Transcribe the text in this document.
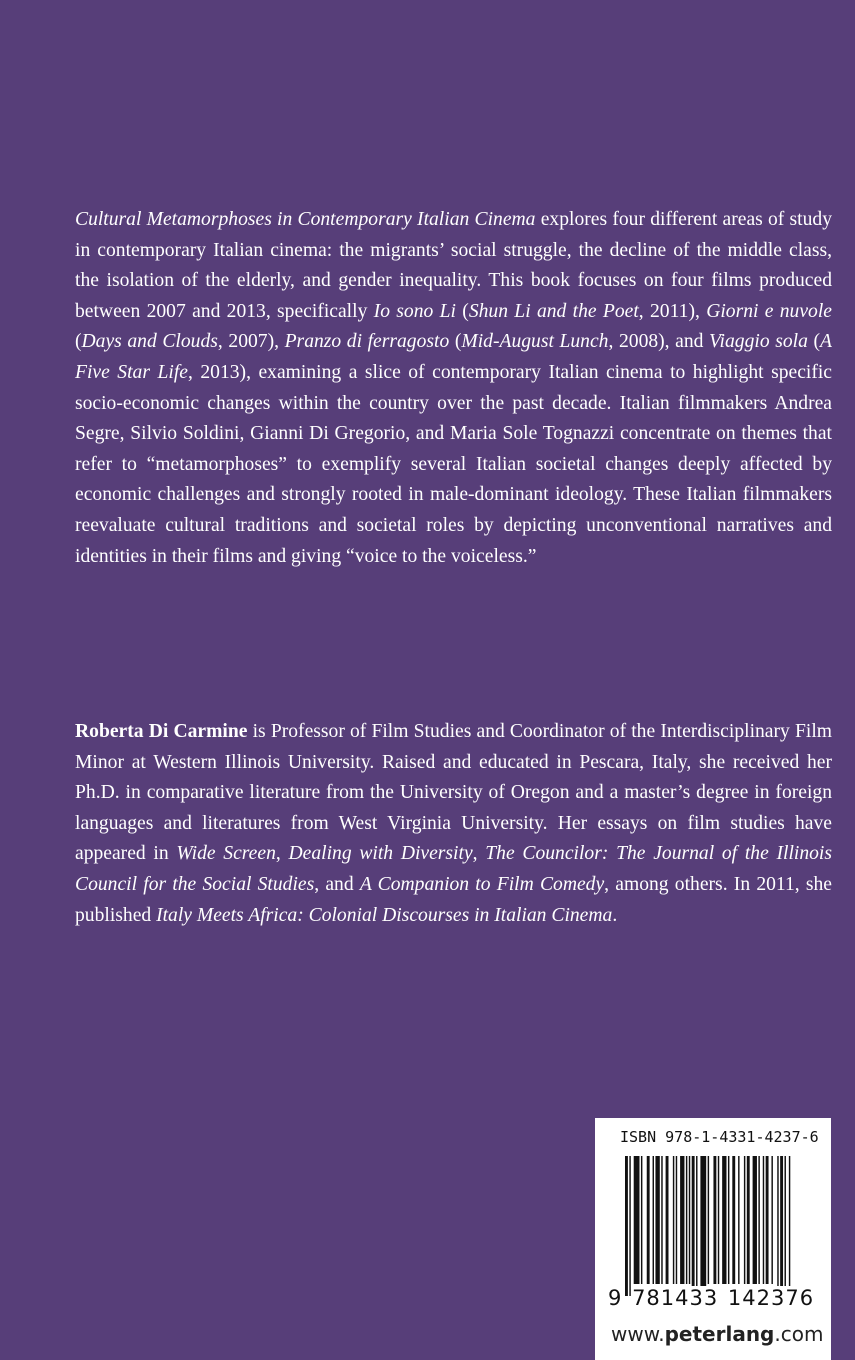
Cultural Metamorphoses in Contemporary Italian Cinema explores four different areas of study in contemporary Italian cinema: the migrants’ social struggle, the decline of the middle class, the isolation of the elderly, and gender inequality. This book focuses on four films produced between 2007 and 2013, specifically Io sono Li (Shun Li and the Poet, 2011), Giorni e nuvole (Days and Clouds, 2007), Pranzo di ferragosto (Mid-August Lunch, 2008), and Viaggio sola (A Five Star Life, 2013), examining a slice of contemporary Italian cinema to highlight specific socio-economic changes within the country over the past decade. Italian filmmakers Andrea Segre, Silvio Soldini, Gianni Di Gregorio, and Maria Sole Tognazzi concentrate on themes that refer to “metamorphoses” to exemplify several Italian societal changes deeply affected by economic challenges and strongly rooted in male-dominant ideology. These Italian filmmakers reevaluate cultural traditions and societal roles by depicting unconventional narratives and identities in their films and giving “voice to the voiceless.”
Roberta Di Carmine is Professor of Film Studies and Coordinator of the Interdisciplinary Film Minor at Western Illinois University. Raised and educated in Pescara, Italy, she received her Ph.D. in comparative literature from the University of Oregon and a master’s degree in foreign languages and literatures from West Virginia University. Her essays on film studies have appeared in Wide Screen, Dealing with Diversity, The Councilor: The Journal of the Illinois Council for the Social Studies, and A Companion to Film Comedy, among others. In 2011, she published Italy Meets Africa: Colonial Discourses in Italian Cinema.
ISBN 978-1-4331-4237-6
9 781433 142376
www.peterlang.com
